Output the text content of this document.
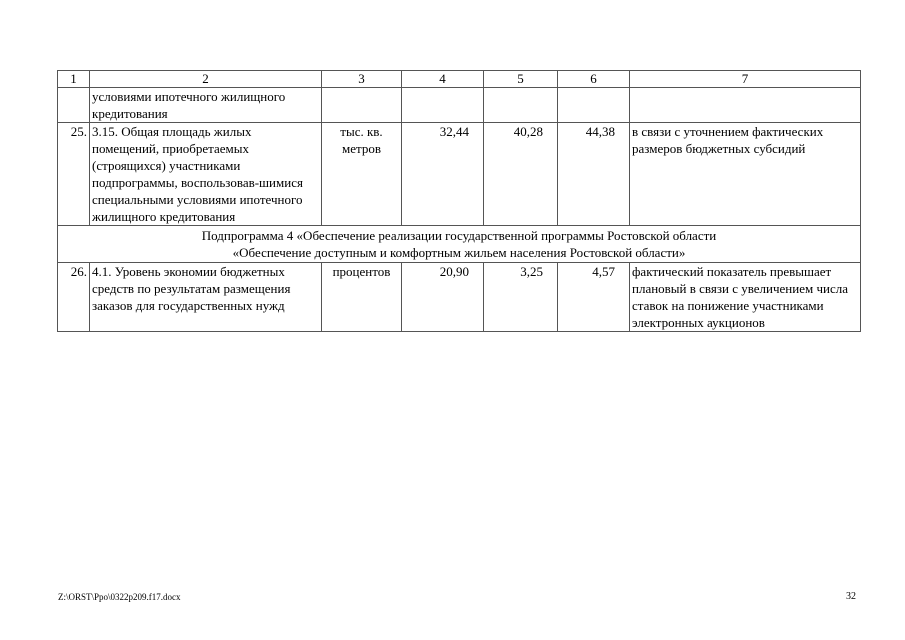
1	2	3	4	5	6	7
	условиями ипотечного жилищного кредитования					
25.	3.15. Общая площадь жилых помещений, приобретаемых (строящихся) участниками подпрограммы, воспользовав-шимися специальными условиями ипотечного жилищного кредитования	тыс. кв. метров	32,44	40,28	44,38	в связи с уточнением фактических размеров бюджетных субсидий

Подпрограмма 4 «Обеспечение реализации государственной программы Ростовской области
«Обеспечение доступным и комфортным жильем населения Ростовской области»						

26.	4.1. Уровень экономии бюджетных средств по результатам размещения заказов для государственных нужд	процентов	20,90	3,25	4,57	фактический показатель превышает плановый в связи с увеличением числа ставок на понижение участниками электронных аукционов
Z:\ORST\Ppo\0322p209.f17.docx	32
